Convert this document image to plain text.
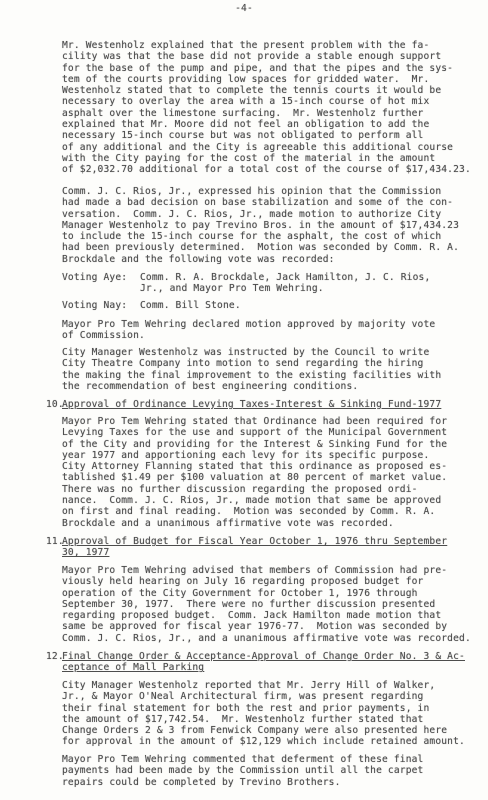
-4-
Mr. Westenholz explained that the present problem with the fa-
cility was that the base did not provide a stable enough support
for the base of the pump and pipe, and that the pipes and the sys-
tem of the courts providing low spaces for gridded water.  Mr.
Westenholz stated that to complete the tennis courts it would be
necessary to overlay the area with a 15-inch course of hot mix
asphalt over the limestone surfacing.  Mr. Westenholz further
explained that Mr. Moore did not feel an obligation to add the
necessary 15-inch course but was not obligated to perform all
of any additional and the City is agreeable this additional course
with the City paying for the cost of the material in the amount
of $2,032.70 additional for a total cost of the course of $17,434.23.
Comm. J. C. Rios, Jr., expressed his opinion that the Commission
had made a bad decision on base stabilization and some of the con-
versation.  Comm. J. C. Rios, Jr., made motion to authorize City
Manager Westenholz to pay Trevino Bros. in the amount of $17,434.23
to include the 15-inch course for the asphalt, the cost of which
had been previously determined.  Motion was seconded by Comm. R. A.
Brockdale and the following vote was recorded:
Voting Aye: Comm. R. A. Brockdale, Jack Hamilton, J. C. Rios,
Jr., and Mayor Pro Tem Wehring.
Voting Nay: Comm. Bill Stone.
Mayor Pro Tem Wehring declared motion approved by majority vote
of Commission.
City Manager Westenholz was instructed by the Council to write
City Theatre Company into motion to send regarding the hiring
the making the final improvement to the existing facilities with
the recommendation of best engineering conditions.
10.
Approval of Ordinance Levying Taxes-Interest & Sinking Fund-1977
Mayor Pro Tem Wehring stated that Ordinance had been required for
Levying Taxes for the use and support of the Municipal Government
of the City and providing for the Interest & Sinking Fund for the
year 1977 and apportioning each levy for its specific purpose.
City Attorney Flanning stated that this ordinance as proposed es-
tablished $1.49 per $100 valuation at 80 percent of market value.
There was no further discussion regarding the proposed ordi-
nance.  Comm. J. C. Rios, Jr., made motion that same be approved
on first and final reading.  Motion was seconded by Comm. R. A.
Brockdale and a unanimous affirmative vote was recorded.
11.
Approval of Budget for Fiscal Year October 1, 1976 thru September
30, 1977
Mayor Pro Tem Wehring advised that members of Commission had pre-
viously held hearing on July 16 regarding proposed budget for
operation of the City Government for October 1, 1976 through
September 30, 1977.  There were no further discussion presented
regarding proposed budget.  Comm. Jack Hamilton made motion that
same be approved for fiscal year 1976-77.  Motion was seconded by
Comm. J. C. Rios, Jr., and a unanimous affirmative vote was recorded.
12.
Final Change Order & Acceptance-Approval of Change Order No. 3 & Ac-
ceptance of Mall Parking
City Manager Westenholz reported that Mr. Jerry Hill of Walker,
Jr., & Mayor O'Neal Architectural firm, was present regarding
their final statement for both the rest and prior payments, in
the amount of $17,742.54.  Mr. Westenholz further stated that
Change Orders 2 & 3 from Fenwick Company were also presented here
for approval in the amount of $12,129 which include retained amount.
Mayor Pro Tem Wehring commented that deferment of these final
payments had been made by the Commission until all the carpet
repairs could be completed by Trevino Brothers.
